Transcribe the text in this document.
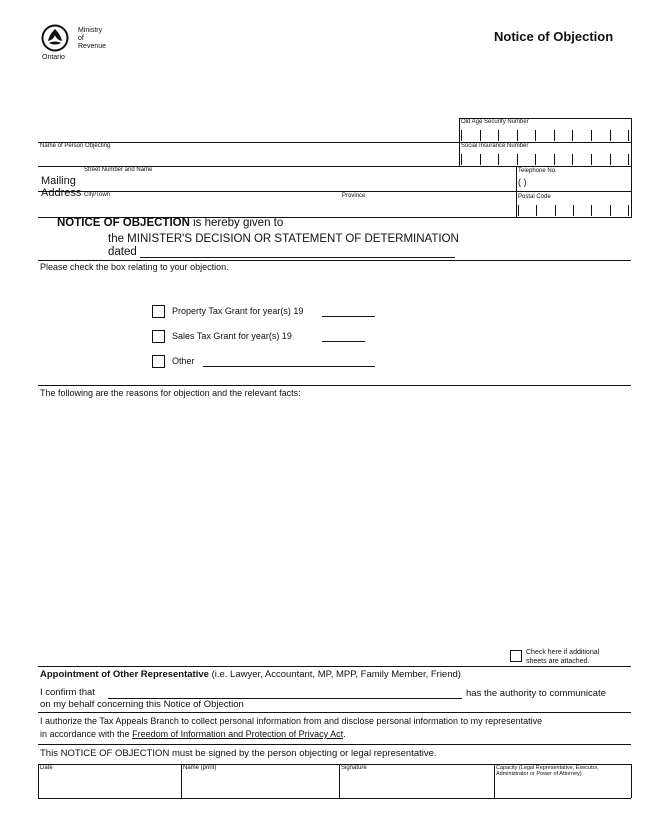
Ontario
Ministry
of
Revenue
Notice of Objection
Old Age Security Number
Name of Person Objecting	Social Insurance Number
Street Number and Name
Mailing
Address
Telephone No.
( )
City/Town	Province	Postal Code
NOTICE OF OBJECTION is hereby given to
the MINISTER'S DECISION OR STATEMENT OF DETERMINATION
dated
Please check the box relating to your objection.
Property Tax Grant for year(s) 19
Sales Tax Grant for year(s) 19
Other
The following are the reasons for objection and the relevant facts:
Check here if additional
sheets are attached.
Appointment of Other Representative (i.e. Lawyer, Accountant, MP, MPP, Family Member, Friend)
I confirm that	has the authority to communicate
on my behalf concerning this Notice of Objection
I authorize the Tax Appeals Branch to collect personal information from and disclose personal information to my representative
in accordance with the Freedom of Information and Protection of Privacy Act.
This NOTICE OF OBJECTION must be signed by the person objecting or legal representative.
Date	Name (print)	Signature	Capacity (Legal Representative, Executor,
Administrator or Power of Attorney)
